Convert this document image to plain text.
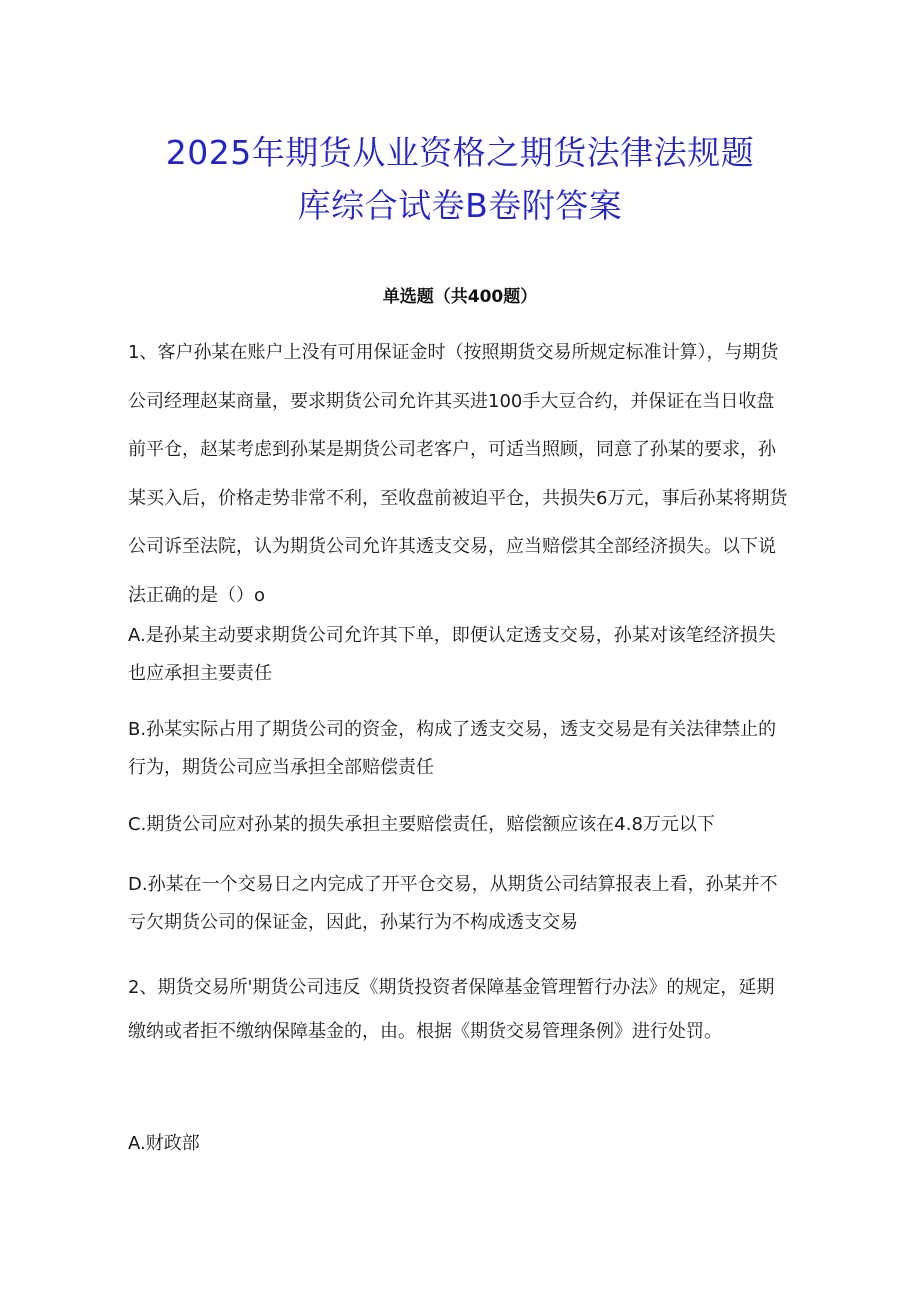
2025年期货从业资格之期货法律法规题
库综合试卷B卷附答案
单选题（共400题）

1、客户孙某在账户上没有可用保证金时（按照期货交易所规定标准计算），与期货公司经理赵某商量，要求期货公司允许其买进100手大豆合约，并保证在当日收盘前平仓，赵某考虑到孙某是期货公司老客户，可适当照顾，同意了孙某的要求，孙某买入后，价格走势非常不利，至收盘前被迫平仓，共损失6万元，事后孙某将期货公司诉至法院，认为期货公司允许其透支交易，应当赔偿其全部经济损失。以下说法正确的是（）o

A.是孙某主动要求期货公司允许其下单，即便认定透支交易，孙某对该笔经济损失也应承担主要责任

B.孙某实际占用了期货公司的资金，构成了透支交易，透支交易是有关法律禁止的行为，期货公司应当承担全部赔偿责任

C.期货公司应对孙某的损失承担主要赔偿责任，赔偿额应该在4.8万元以下

D.孙某在一个交易日之内完成了开平仓交易，从期货公司结算报表上看，孙某并不亏欠期货公司的保证金，因此，孙某行为不构成透支交易

2、期货交易所'期货公司违反《期货投资者保障基金管理暂行办法》的规定，延期缴纳或者拒不缴纳保障基金的，由。根据《期货交易管理条例》进行处罚。

A.财政部
